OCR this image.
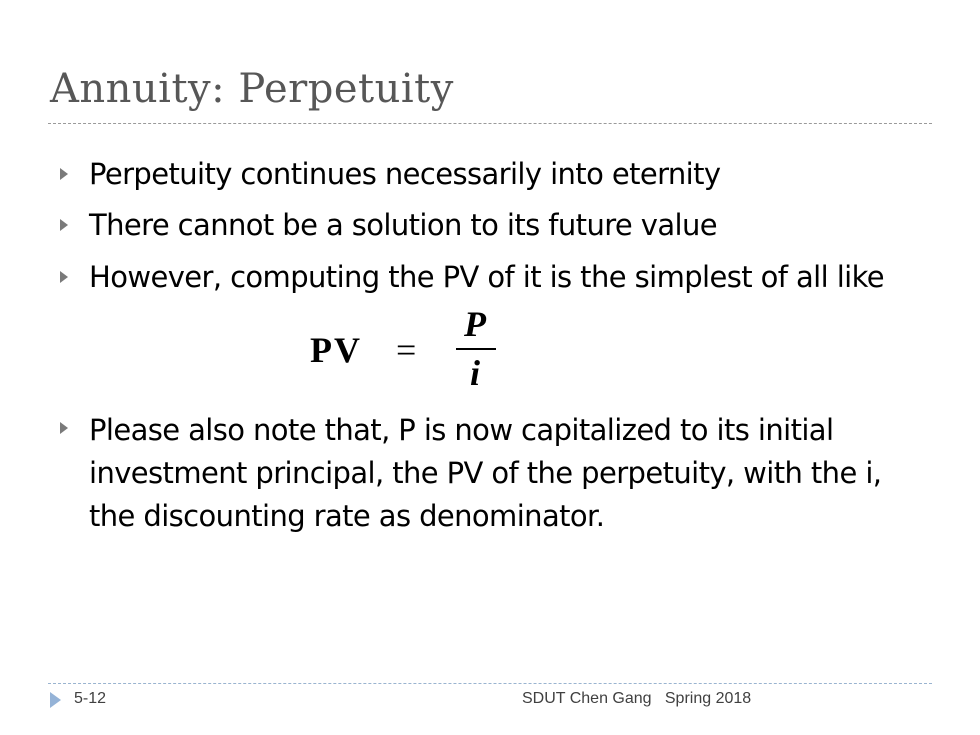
Annuity: Perpetuity
Perpetuity continues necessarily into eternity
There cannot be a solution to its future value
However, computing the PV of it is the simplest of all like
Please also note that, P is now capitalized to its initial investment principal, the PV of the perpetuity, with the i, the discounting rate as denominator.
PV =
P
i
5-12	SDUT Chen Gang   Spring 2018
